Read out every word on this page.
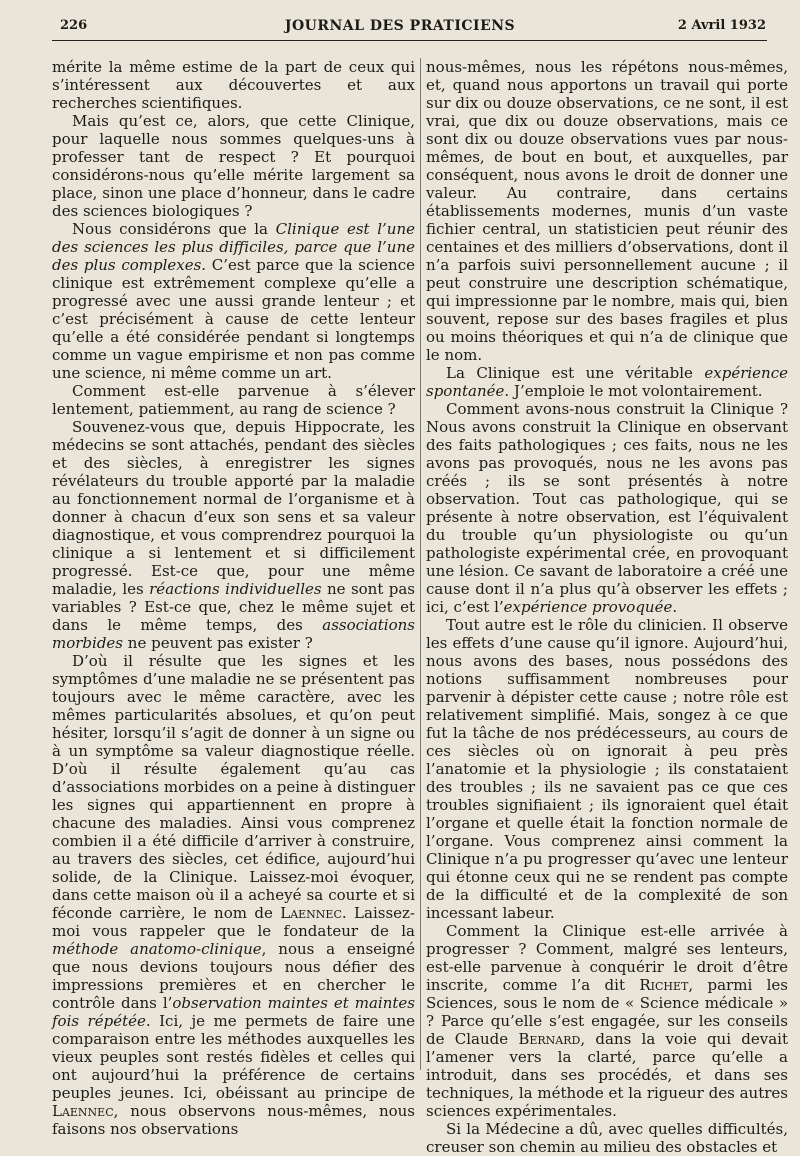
226	JOURNAL DES PRATICIENS	2 Avril 1932

mérite la même estime de la part de ceux qui s’intéressent aux découvertes et aux recherches scientifiques.

Mais qu’est ce, alors, que cette Clinique, pour laquelle nous sommes quelques-uns à professer tant de respect ? Et pourquoi considérons-nous qu’elle mérite largement sa place, sinon une place d’honneur, dans le cadre des sciences biologiques ?

Nous considérons que la Clinique est l’une des sciences les plus difficiles, parce que l’une des plus complexes. C’est parce que la science clinique est extrêmement complexe qu’elle a progressé avec une aussi grande lenteur ; et c’est précisément à cause de cette lenteur qu’elle a été considérée pendant si longtemps comme un vague empirisme et non pas comme une science, ni même comme un art.

Comment est-elle parvenue à s’élever lentement, patiemment, au rang de science ?

Souvenez-vous que, depuis Hippocrate, les médecins se sont attachés, pendant des siècles et des siècles, à enregistrer les signes révélateurs du trouble apporté par la maladie au fonctionnement normal de l’organisme et à donner à chacun d’eux son sens et sa valeur diagnostique, et vous comprendrez pourquoi la clinique a si lentement et si difficilement progressé. Est-ce que, pour une même maladie, les réactions individuelles ne sont pas variables ? Est-ce que, chez le même sujet et dans le même temps, des associations morbides ne peuvent pas exister ?

D’où il résulte que les signes et les symptômes d’une maladie ne se présentent pas toujours avec le même caractère, avec les mêmes particularités absolues, et qu’on peut hésiter, lorsqu’il s’agit de donner à un signe ou à un symptôme sa valeur diagnostique réelle. D’où il résulte également qu’au cas d’associations morbides on a peine à distinguer les signes qui appartiennent en propre à chacune des maladies. Ainsi vous comprenez combien il a été difficile d’arriver à construire, au travers des siècles, cet édifice, aujourd’hui solide, de la Clinique. Laissez-moi évoquer, dans cette maison où il a acheyé sa courte et si féconde carrière, le nom de Laennec. Laissez-moi vous rappeler que le fondateur de la méthode anatomo-clinique, nous a enseigné que nous devions toujours nous défier des impressions premières et en chercher le contrôle dans l’observation maintes et maintes fois répétée. Ici, je me permets de faire une comparaison entre les méthodes auxquelles les vieux peuples sont restés fidèles et celles qui ont aujourd’hui la préférence de certains peuples jeunes. Ici, obéissant au principe de Laennec, nous observons nous-mêmes, nous faisons nos observations

nous-mêmes, nous les répétons nous-mêmes, et, quand nous apportons un travail qui porte sur dix ou douze observations, ce ne sont, il est vrai, que dix ou douze observations, mais ce sont dix ou douze observations vues par nous-mêmes, de bout en bout, et auxquelles, par conséquent, nous avons le droit de donner une valeur. Au contraire, dans certains établissements modernes, munis d’un vaste fichier central, un statisticien peut réunir des centaines et des milliers d’observations, dont il n’a parfois suivi personnellement aucune ; il peut construire une description schématique, qui impressionne par le nombre, mais qui, bien souvent, repose sur des bases fragiles et plus ou moins théoriques et qui n’a de clinique que le nom.

La Clinique est une véritable expérience spontanée. J’emploie le mot volontairement.

Comment avons-nous construit la Clinique ? Nous avons construit la Clinique en observant des faits pathologiques ; ces faits, nous ne les avons pas provoqués, nous ne les avons pas créés ; ils se sont présentés à notre observation. Tout cas pathologique, qui se présente à notre observation, est l’équivalent du trouble qu’un physiologiste ou qu’un pathologiste expérimental crée, en provoquant une lésion. Ce savant de laboratoire a créé une cause dont il n’a plus qu’à observer les effets ; ici, c’est l’expérience provoquée.

Tout autre est le rôle du clinicien. Il observe les effets d’une cause qu’il ignore. Aujourd’hui, nous avons des bases, nous possédons des notions suffisamment nombreuses pour parvenir à dépister cette cause ; notre rôle est relativement simplifié. Mais, songez à ce que fut la tâche de nos prédécesseurs, au cours de ces siècles où on ignorait à peu près l’anatomie et la physiologie ; ils constataient des troubles ; ils ne savaient pas ce que ces troubles signifiaient ; ils ignoraient quel était l’organe et quelle était la fonction normale de l’organe. Vous comprenez ainsi comment la Clinique n’a pu progresser qu’avec une lenteur qui étonne ceux qui ne se rendent pas compte de la difficulté et de la complexité de son incessant labeur.

Comment la Clinique est-elle arrivée à progresser ? Comment, malgré ses lenteurs, est-elle parvenue à conquérir le droit d’être inscrite, comme l’a dit Richet, parmi les Sciences, sous le nom de « Science médicale » ? Parce qu’elle s’est engagée, sur les conseils de Claude Bernard, dans la voie qui devait l’amener vers la clarté, parce qu’elle a introduit, dans ses procédés, et dans ses techniques, la méthode et la rigueur des autres sciences expérimentales.

Si la Médecine a dû, avec quelles difficultés, creuser son chemin au milieu des obstacles et
